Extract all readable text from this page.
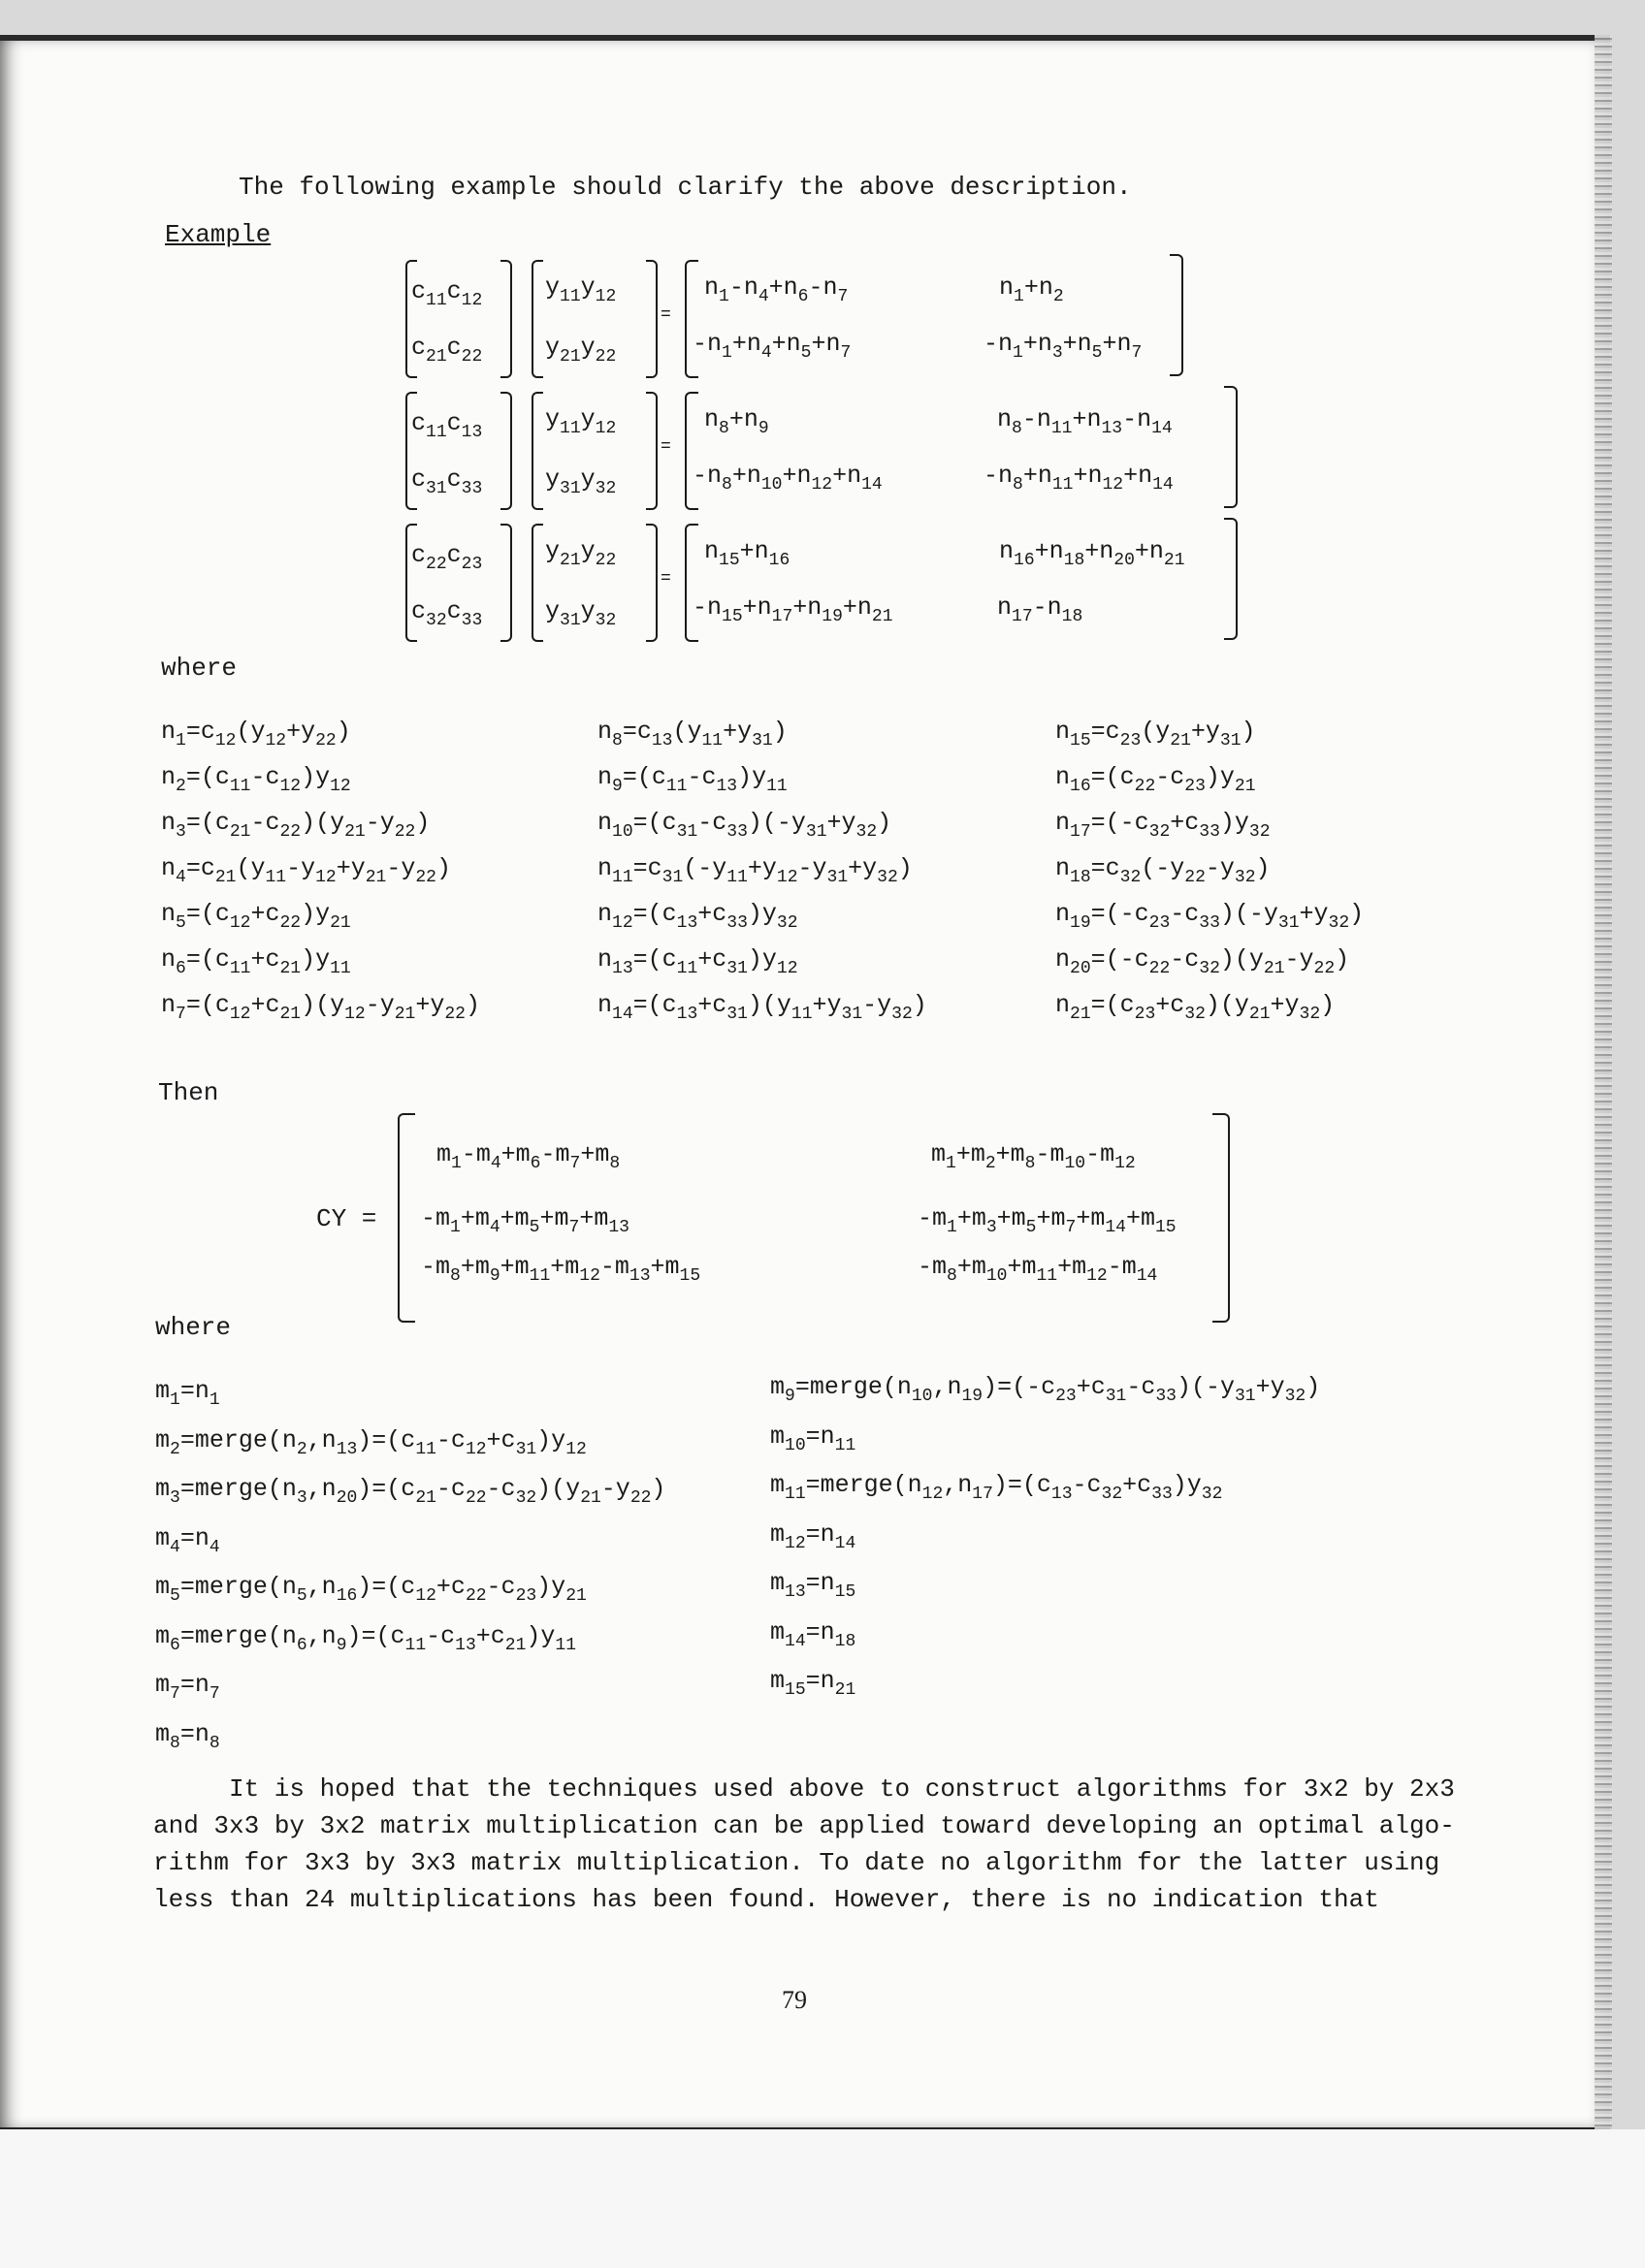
The following example should clarify the above description.
Example
$c_{11}c_{12}$
$c_{21}c_{22}$
$y_{11}y_{12}$
$y_{21}y_{22}$
=
$n_1-n_4+n_6-n_7$
$-n_1+n_4+n_5+n_7$
$n_1+n_2$
$-n_1+n_3+n_5+n_7$
$c_{11}c_{13}$
$c_{31}c_{33}$
$y_{11}y_{12}$
$y_{31}y_{32}$
=
$n_8+n_9$
$-n_8+n_{10}+n_{12}+n_{14}$
$n_8-n_{11}+n_{13}-n_{14}$
$-n_8+n_{11}+n_{12}+n_{14}$
$c_{22}c_{23}$
$c_{32}c_{33}$
$y_{21}y_{22}$
$y_{31}y_{32}$
=
$n_{15}+n_{16}$
$-n_{15}+n_{17}+n_{19}+n_{21}$
$n_{16}+n_{18}+n_{20}+n_{21}$
$n_{17}-n_{18}$
where
$n_1=c_{12}(y_{12}+y_{22})$
$n_2=(c_{11}-c_{12})y_{12}$
$n_3=(c_{21}-c_{22})(y_{21}-y_{22})$
$n_4=c_{21}(y_{11}-y_{12}+y_{21}-y_{22})$
$n_5=(c_{12}+c_{22})y_{21}$
$n_6=(c_{11}+c_{21})y_{11}$
$n_7=(c_{12}+c_{21})(y_{12}-y_{21}+y_{22})$
$n_8=c_{13}(y_{11}+y_{31})$
$n_9=(c_{11}-c_{13})y_{11}$
$n_{10}=(c_{31}-c_{33})(-y_{31}+y_{32})$
$n_{11}=c_{31}(-y_{11}+y_{12}-y_{31}+y_{32})$
$n_{12}=(c_{13}+c_{33})y_{32}$
$n_{13}=(c_{11}+c_{31})y_{12}$
$n_{14}=(c_{13}+c_{31})(y_{11}+y_{31}-y_{32})$
$n_{15}=c_{23}(y_{21}+y_{31})$
$n_{16}=(c_{22}-c_{23})y_{21}$
$n_{17}=(-c_{32}+c_{33})y_{32}$
$n_{18}=c_{32}(-y_{22}-y_{32})$
$n_{19}=(-c_{23}-c_{33})(-y_{31}+y_{32})$
$n_{20}=(-c_{22}-c_{32})(y_{21}-y_{22})$
$n_{21}=(c_{23}+c_{32})(y_{21}+y_{32})$
Then
CY =
$m_1-m_4+m_6-m_7+m_8$
$-m_1+m_4+m_5+m_7+m_{13}$
$-m_8+m_9+m_{11}+m_{12}-m_{13}+m_{15}$
$m_1+m_2+m_8-m_{10}-m_{12}$
$-m_1+m_3+m_5+m_7+m_{14}+m_{15}$
$-m_8+m_{10}+m_{11}+m_{12}-m_{14}$
where
$m_1=n_1$
$m_2=merge(n_2,n_{13})=(c_{11}-c_{12}+c_{31})y_{12}$
$m_3=merge(n_3,n_{20})=(c_{21}-c_{22}-c_{32})(y_{21}-y_{22})$
$m_4=n_4$
$m_5=merge(n_5,n_{16})=(c_{12}+c_{22}-c_{23})y_{21}$
$m_6=merge(n_6,n_9)=(c_{11}-c_{13}+c_{21})y_{11}$
$m_7=n_7$
$m_8=n_8$
$m_9=merge(n_{10},n_{19})=(-c_{23}+c_{31}-c_{33})(-y_{31}+y_{32})$
$m_{10}=n_{11}$
$m_{11}=merge(n_{12},n_{17})=(c_{13}-c_{32}+c_{33})y_{32}$
$m_{12}=n_{14}$
$m_{13}=n_{15}$
$m_{14}=n_{18}$
$m_{15}=n_{21}$
It is hoped that the techniques used above to construct algorithms for 3x2 by 2x3
and 3x3 by 3x2 matrix multiplication can be applied toward developing an optimal algo-
rithm for 3x3 by 3x3 matrix multiplication. To date no algorithm for the latter using
less than 24 multiplications has been found. However, there is no indication that
79
